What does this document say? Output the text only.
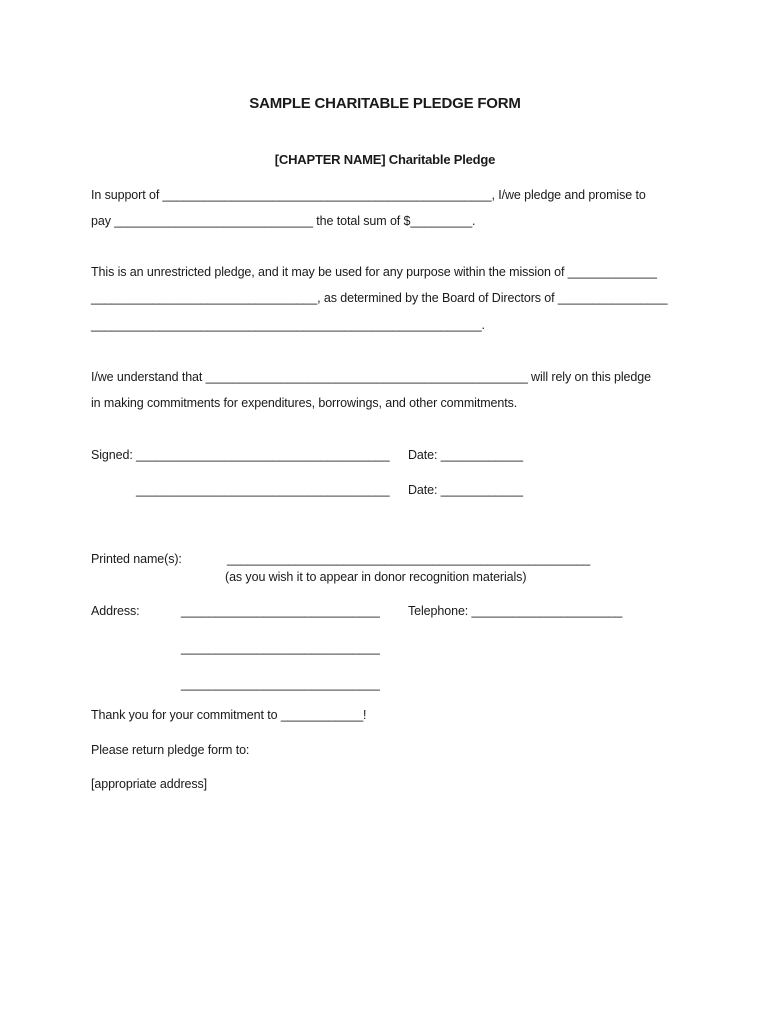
SAMPLE CHARITABLE PLEDGE FORM
[CHAPTER NAME] Charitable Pledge
In support of ________________________________________________, I/we pledge and promise to
pay _____________________________ the total sum of $_________.
This is an unrestricted pledge, and it may be used for any purpose within the mission of _____________
_________________________________, as determined by the Board of Directors of ________________
_________________________________________________________.
I/we understand that _______________________________________________ will rely on this pledge
in making commitments for expenditures, borrowings, and other commitments.
Signed: _____________________________________ Date: ____________
_____________________________________ Date: ____________
Printed name(s):	_____________________________________________________
(as you wish it to appear in donor recognition materials)
Address:	_____________________________ Telephone: ______________________
_____________________________
_____________________________
Thank you for your commitment to ____________!
Please return pledge form to:
[appropriate address]
